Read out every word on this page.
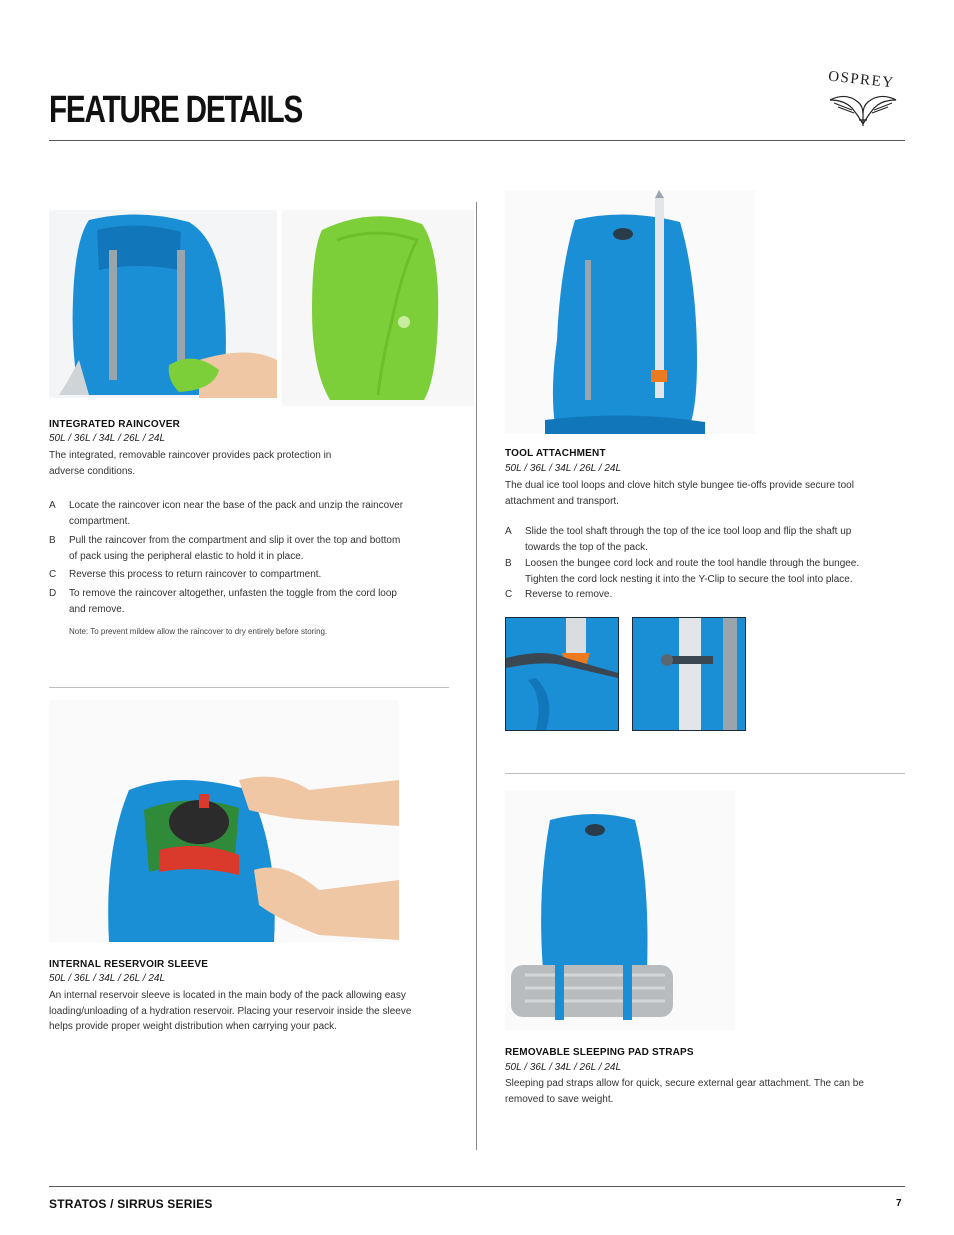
FEATURE DETAILS
OSPREY
INTEGRATED RAINCOVER
50L / 36L / 34L / 26L / 24L
The integrated, removable raincover provides pack protection in
adverse conditions.
A Locate the raincover icon near the base of the pack and unzip the raincover
compartment.
B Pull the raincover from the compartment and slip it over the top and bottom
of pack using the peripheral elastic to hold it in place.
C Reverse this process to return raincover to compartment.
D To remove the raincover altogether, unfasten the toggle from the cord loop
and remove.
Note: To prevent mildew allow the raincover to dry entirely before storing.
INTERNAL RESERVOIR SLEEVE
50L / 36L / 34L / 26L / 24L
An internal reservoir sleeve is located in the main body of the pack allowing easy
loading/unloading of a hydration reservoir. Placing your reservoir inside the sleeve
helps provide proper weight distribution when carrying your pack.
TOOL ATTACHMENT
50L / 36L / 34L / 26L / 24L
The dual ice tool loops and clove hitch style bungee tie-offs provide secure tool
attachment and transport.
A Slide the tool shaft through the top of the ice tool loop and flip the shaft up
towards the top of the pack.
B Loosen the bungee cord lock and route the tool handle through the bungee.
Tighten the cord lock nesting it into the Y-Clip to secure the tool into place.
C Reverse to remove.
REMOVABLE SLEEPING PAD STRAPS
50L / 36L / 34L / 26L / 24L
Sleeping pad straps allow for quick, secure external gear attachment. The can be
removed to save weight.
STRATOS / SIRRUS SERIES	7
